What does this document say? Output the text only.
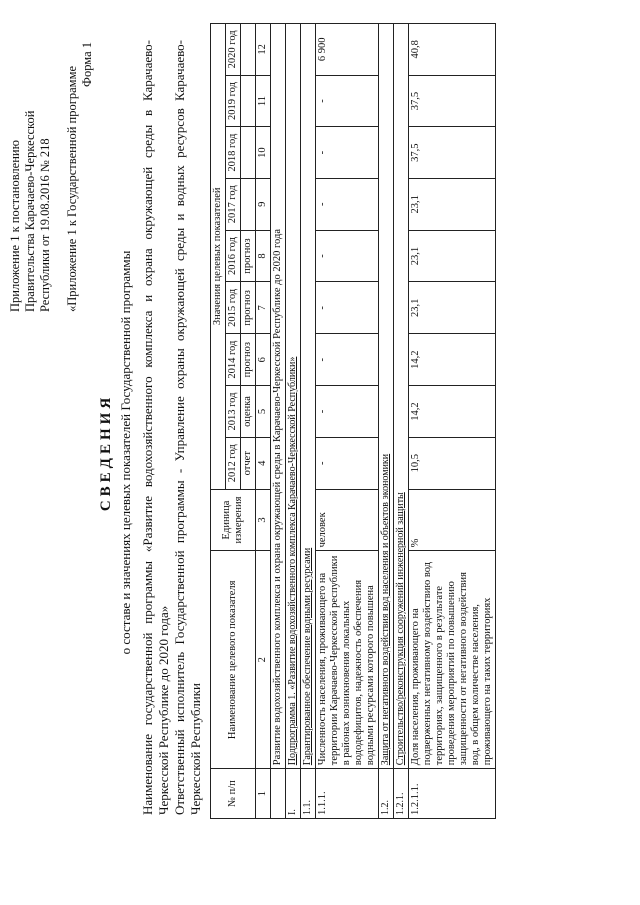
Приложение 1 к постановлению Правительства Карачаево-Черкесской Республики от 19.08.2016 № 218 «Приложение 1 к Государственной программе
Форма 1
СВЕДЕНИЯ о составе и значениях целевых показателей Государственной программы Наименование государственной программы «Развитие водохозяйственного комплекса и охрана окружающей среды в Карачаево-Черкесской Республике до 2020 года» Ответственный исполнитель Государственной программы - Управление охраны окружающей среды и водных ресурсов Карачаево-Черкесской Республики № п/п	Наименование целевого показателя	Единица измерения	Значения целевых показателей								
			2012 год	2013 год	2014 год	2015 год	2016 год	2017 год	2018 год	2019 год	2020 год
			отчет	оценка	прогноз	прогноз	прогноз				
1	2	3	4	5	6	7	8	9	10	11	12
	Развитие водохозяйственного комплекса и охрана окружающей среды в Карачаево-Черкесской Республике до 2020 года										
I.	Подпрограмма 1. «Развитие водохозяйственного комплекса Карачаево-Черкесской Республики»										
1.1.	Гарантированное обеспечение водными ресурсами										
1.1.1.	Численность населения, проживающего на территории Карачаево-Черкесской республики в районах возникновения локальных вододефицитов, надежность обеспечения водными ресурсами которого повышена	человек	-	-	-	-	-	-	-	-	6 900
1.2.	Защита от негативного воздействия вод населения и объектов экономики										
1.2.1.	Строительство/реконструкция сооружений инженерной защиты										
1.2.1.1.	Доля населения, проживающего на подверженных негативному воздействию вод территориях, защищенного в результате проведения мероприятий по повышению защищенности от негативного воздействия вод, в общем количестве населения, проживающего на таких территориях	%	10,5	14,2	14,2	23,1	23,1	23,1	37,5	37,5	40,8
